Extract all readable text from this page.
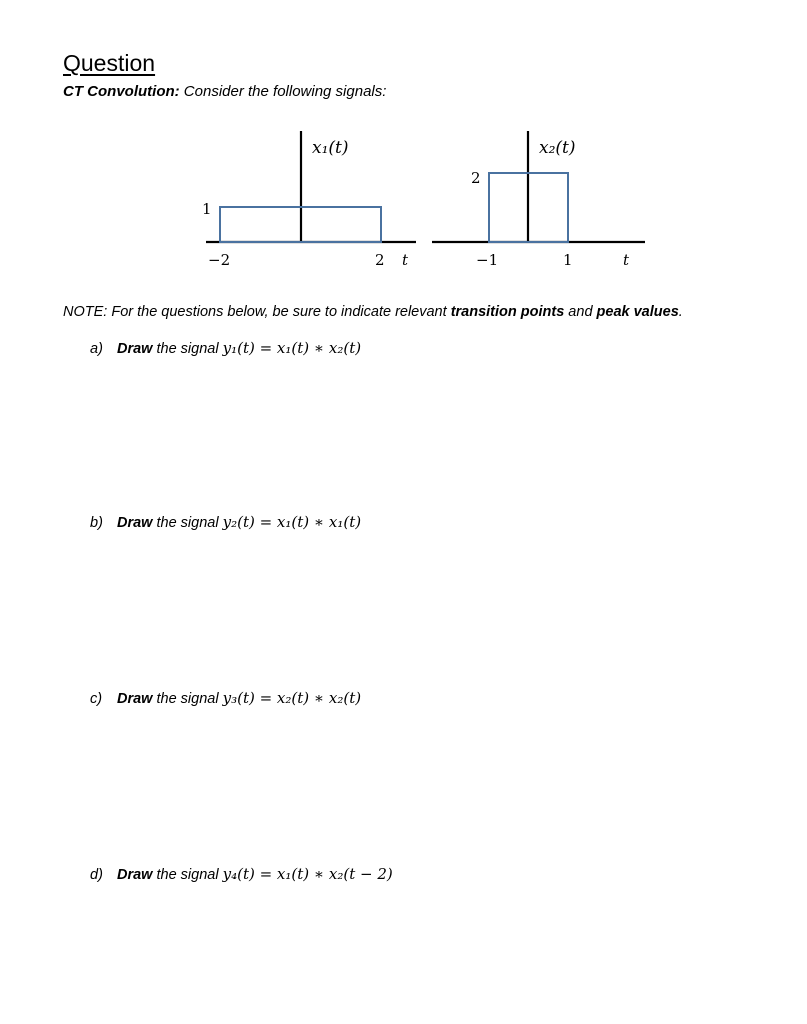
Question
CT Convolution: Consider the following signals:
x₁(t)
1
−2	2 t
x₂(t)
2
−1	1	t
NOTE: For the questions below, be sure to indicate relevant transition points and peak values.
a) Draw the signal y₁(t) = x₁(t) ∗ x₂(t)
b) Draw the signal y₂(t) = x₁(t) ∗ x₁(t)
c) Draw the signal y₃(t) = x₂(t) ∗ x₂(t)
d) Draw the signal y₄(t) = x₁(t) ∗ x₂(t − 2)
